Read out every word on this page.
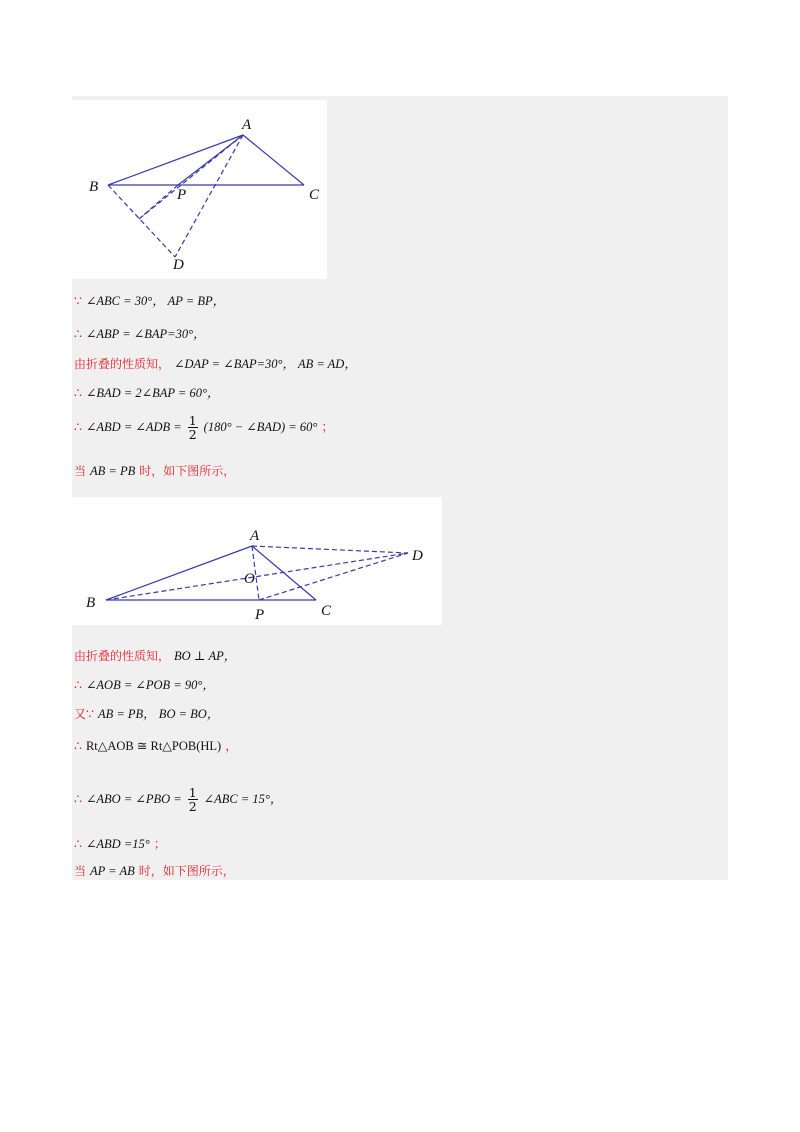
A
B	C
P
D
∵ ∠ABC = 30°， AP = BP，
∴ ∠ABP = ∠BAP=30°，
由折叠的性质知， ∠DAP = ∠BAP=30°， AB = AD，
∴ ∠BAD = 2∠BAP = 60°，
∴ ∠ABD = ∠ADB = $\frac{1}{2} (180^\circ$ − ∠BAD) = 60° ；
当 AB = PB 时，如下图所示，
A
B	C
P
O
D
由折叠的性质知， BO ⊥ AP，
∴ ∠AOB = ∠POB = 90°，
又∵ AB = PB， BO = BO，
∴ Rt△AOB ≅ Rt△POB(HL) ，
∴ ∠ABO = ∠PBO = $\frac{1}{2}$ ∠ABC = 15°，
∴ ∠ABD =15° ；
当 AP = AB 时，如下图所示，
